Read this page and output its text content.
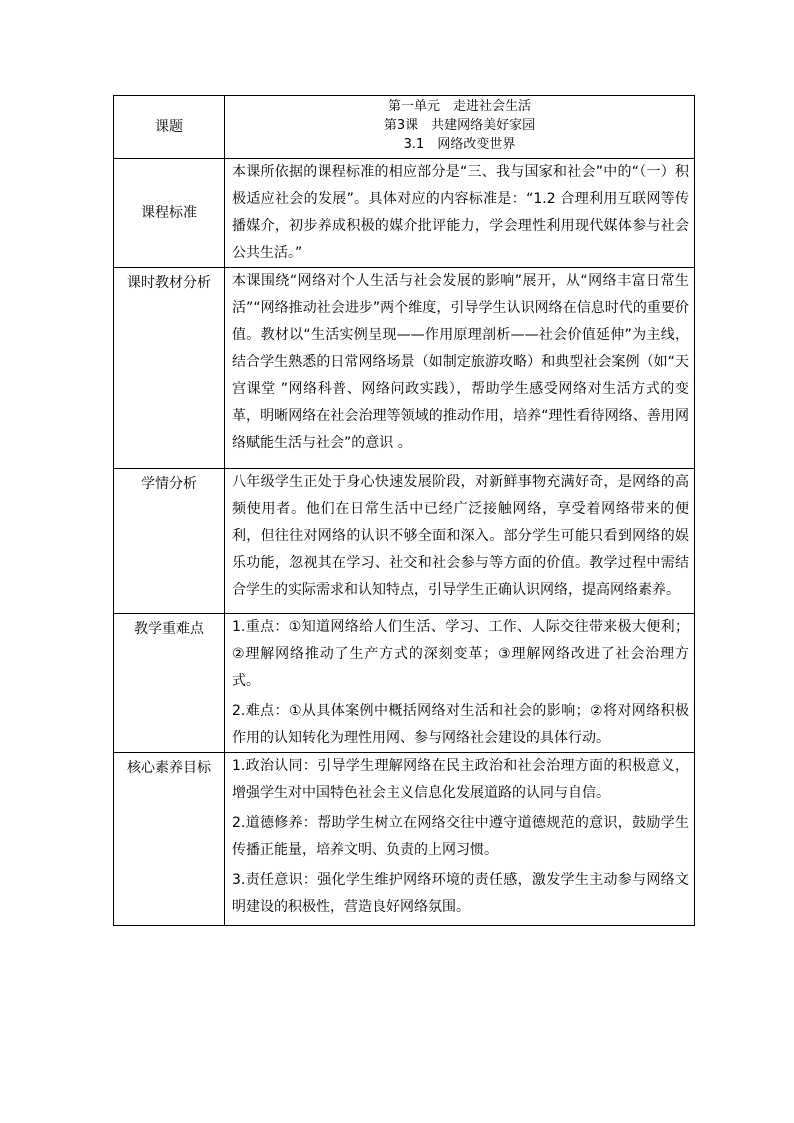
课题	第一单元　走进社会生活
第3课　共建网络美好家园
3.1　网络改变世界

课程标准	本课所依据的课程标准的相应部分是“三、我与国家和社会”中的“（一）积极适应社会的发展”。具体对应的内容标准是：“1.2 合理利用互联网等传播媒介，初步养成积极的媒介批评能力，学会理性利用现代媒体参与社会公共生活。”

课时教材分析	本课围绕“网络对个人生活与社会发展的影响”展开，从“网络丰富日常生活”“网络推动社会进步”两个维度，引导学生认识网络在信息时代的重要价值。教材以“生活实例呈现——作用原理剖析——社会价值延伸”为主线，结合学生熟悉的日常网络场景（如制定旅游攻略）和典型社会案例（如“天宫课堂 ”网络科普、网络问政实践），帮助学生感受网络对生活方式的变革，明晰网络在社会治理等领域的推动作用，培养“理性看待网络、善用网络赋能生活与社会”的意识 。

学情分析	八年级学生正处于身心快速发展阶段，对新鲜事物充满好奇，是网络的高频使用者。他们在日常生活中已经广泛接触网络，享受着网络带来的便利，但往往对网络的认识不够全面和深入。部分学生可能只看到网络的娱乐功能，忽视其在学习、社交和社会参与等方面的价值。教学过程中需结合学生的实际需求和认知特点，引导学生正确认识网络，提高网络素养。

教学重难点	1.重点：①知道网络给人们生活、学习、工作、人际交往带来极大便利；②理解网络推动了生产方式的深刻变革；③理解网络改进了社会治理方式。

2.难点：①从具体案例中概括网络对生活和社会的影响；②将对网络积极作用的认知转化为理性用网、参与网络社会建设的具体行动。

核心素养目标	1.政治认同：引导学生理解网络在民主政治和社会治理方面的积极意义，增强学生对中国特色社会主义信息化发展道路的认同与自信。

2.道德修养：帮助学生树立在网络交往中遵守道德规范的意识，鼓励学生传播正能量，培养文明、负责的上网习惯。

3.责任意识：强化学生维护网络环境的责任感，激发学生主动参与网络文明建设的积极性，营造良好网络氛围。
